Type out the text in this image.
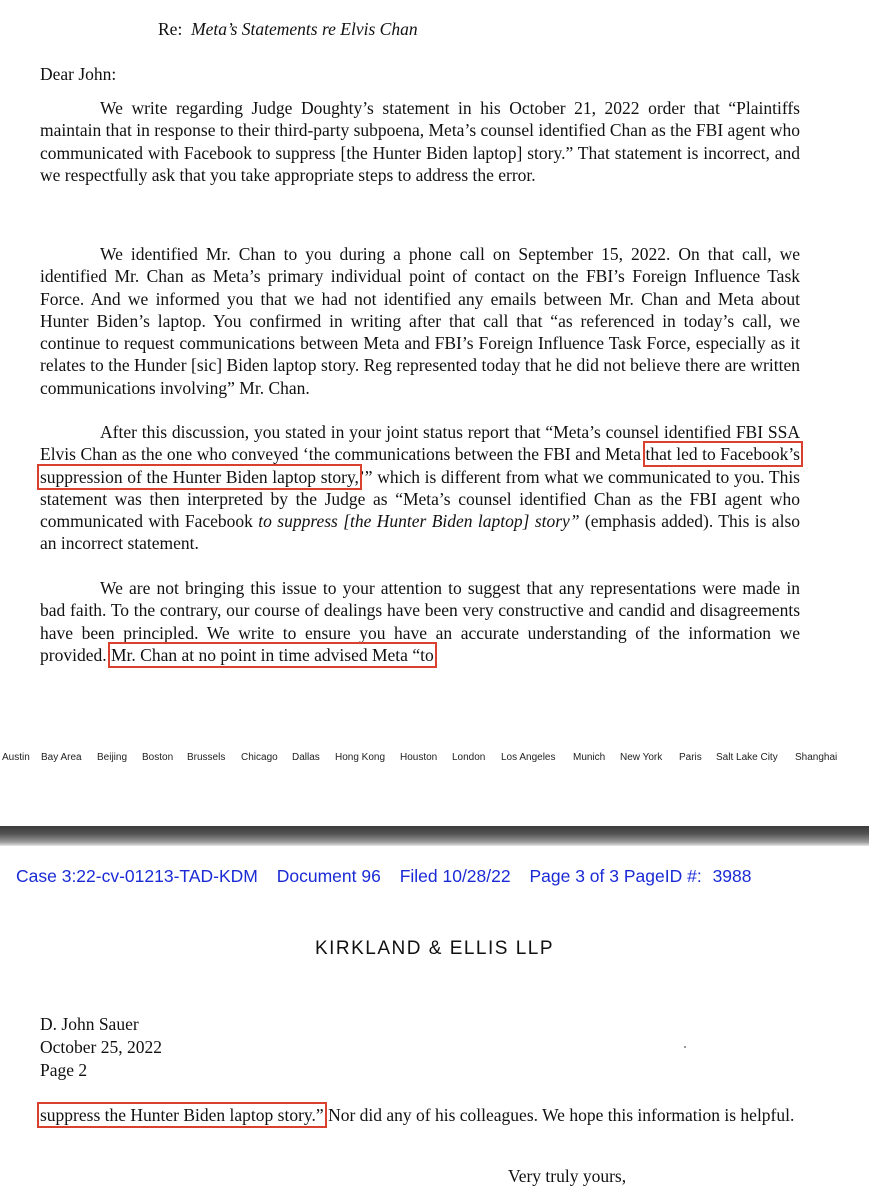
Re: Meta’s Statements re Elvis Chan
Dear John:

We write regarding Judge Doughty’s statement in his October 21, 2022 order that “Plaintiffs maintain that in response to their third-party subpoena, Meta’s counsel identified Chan as the FBI agent who communicated with Facebook to suppress [the Hunter Biden laptop] story.” That statement is incorrect, and we respectfully ask that you take appropriate steps to address the error.

We identified Mr. Chan to you during a phone call on September 15, 2022. On that call, we identified Mr. Chan as Meta’s primary individual point of contact on the FBI’s Foreign Influence Task Force. And we informed you that we had not identified any emails between Mr. Chan and Meta about Hunter Biden’s laptop. You confirmed in writing after that call that “as referenced in today’s call, we continue to request communications between Meta and FBI’s Foreign Influence Task Force, especially as it relates to the Hunder [sic] Biden laptop story. Reg represented today that he did not believe there are written communications involving” Mr. Chan.

After this discussion, you stated in your joint status report that “Meta’s counsel identified FBI SSA Elvis Chan as the one who conveyed ‘the communications between the FBI and Meta that led to Facebook’s suppression of the Hunter Biden laptop story,’” which is different from what we communicated to you. This statement was then interpreted by the Judge as “Meta’s counsel identified Chan as the FBI agent who communicated with Facebook to suppress [the Hunter Biden laptop] story” (emphasis added). This is also an incorrect statement.

We are not bringing this issue to your attention to suggest that any representations were made in bad faith. To the contrary, our course of dealings have been very constructive and candid and disagreements have been principled. We write to ensure you have an accurate understanding of the information we provided. Mr. Chan at no point in time advised Meta “to

Austin Bay Area Beijing Boston Brussels Chicago Dallas Hong Kong Houston London Los Angeles Munich New York Paris Salt Lake City Shanghai
Case 3:22-cv-01213-TAD-KDM Document 96 Filed 10/28/22 Page 3 of 3 PageID #: 3988
KIRKLAND & ELLIS LLP
D. John Sauer
October 25, 2022
Page 2

suppress the Hunter Biden laptop story.” Nor did any of his colleagues. We hope this information is helpful.

Very truly yours,
